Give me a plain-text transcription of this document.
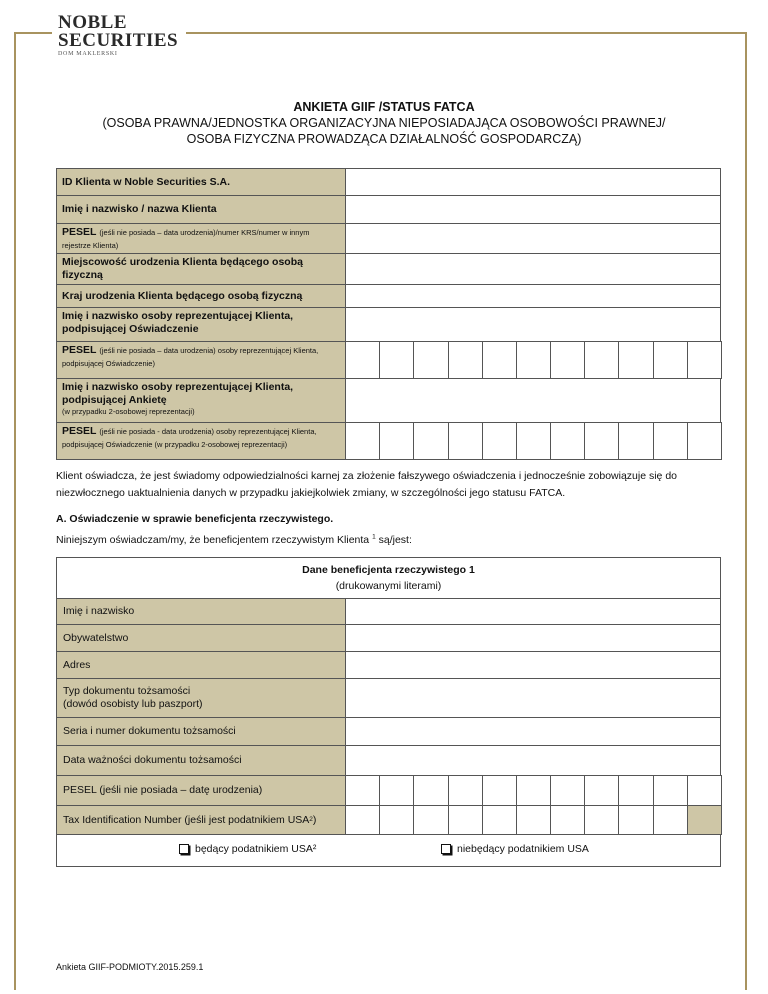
NOBLE
SECURITIES
DOM MAKLERSKI
ANKIETA GIIF /STATUS FATCA
(OSOBA PRAWNA/JEDNOSTKA ORGANIZACYJNA NIEPOSIADAJĄCA OSOBOWOŚCI PRAWNEJ/
OSOBA FIZYCZNA PROWADZĄCA DZIAŁALNOŚĆ GOSPODARCZĄ)
ID Klienta w Noble Securities S.A.
Imię i nazwisko / nazwa Klienta
PESEL (jeśli nie posiada – data urodzenia)/numer KRS/numer w innym rejestrze Klienta)
Miejscowość urodzenia Klienta będącego osobą fizyczną
Kraj urodzenia Klienta będącego osobą fizyczną
Imię i nazwisko osoby reprezentującej Klienta, podpisującej Oświadczenie
PESEL (jeśli nie posiada – data urodzenia) osoby reprezentującej Klienta, podpisującej Oświadczenie)
Imię i nazwisko osoby reprezentującej Klienta, podpisującej Ankietę
(w przypadku 2-osobowej reprezentacji)
PESEL (jeśli nie posiada - data urodzenia) osoby reprezentującej Klienta, podpisującej Oświadczenie (w przypadku 2-osobowej reprezentacji)
Klient oświadcza, że jest świadomy odpowiedzialności karnej za złożenie fałszywego oświadczenia i jednocześnie zobowiązuje się do niezwłocznego uaktualnienia danych w przypadku jakiejkolwiek zmiany, w szczególności jego statusu FATCA.
A. Oświadczenie w sprawie beneficjenta rzeczywistego.
Niniejszym oświadczam/my, że beneficjentem rzeczywistym Klienta $^1$ są/jest:
Dane beneficjenta rzeczywistego 1
(drukowanymi literami)
Imię i nazwisko
Obywatelstwo
Adres
Typ dokumentu tożsamości
(dowód osobisty lub paszport)
Seria i numer dokumentu tożsamości
Data ważności dokumentu tożsamości
PESEL (jeśli nie posiada – datę urodzenia)
Tax Identification Number
(jeśli jest podatnikiem USA 2 )
będący podatnikiem USA²	niebędący podatnikiem USA
Ankieta GIIF-PODMIOTY.2015.259.1
